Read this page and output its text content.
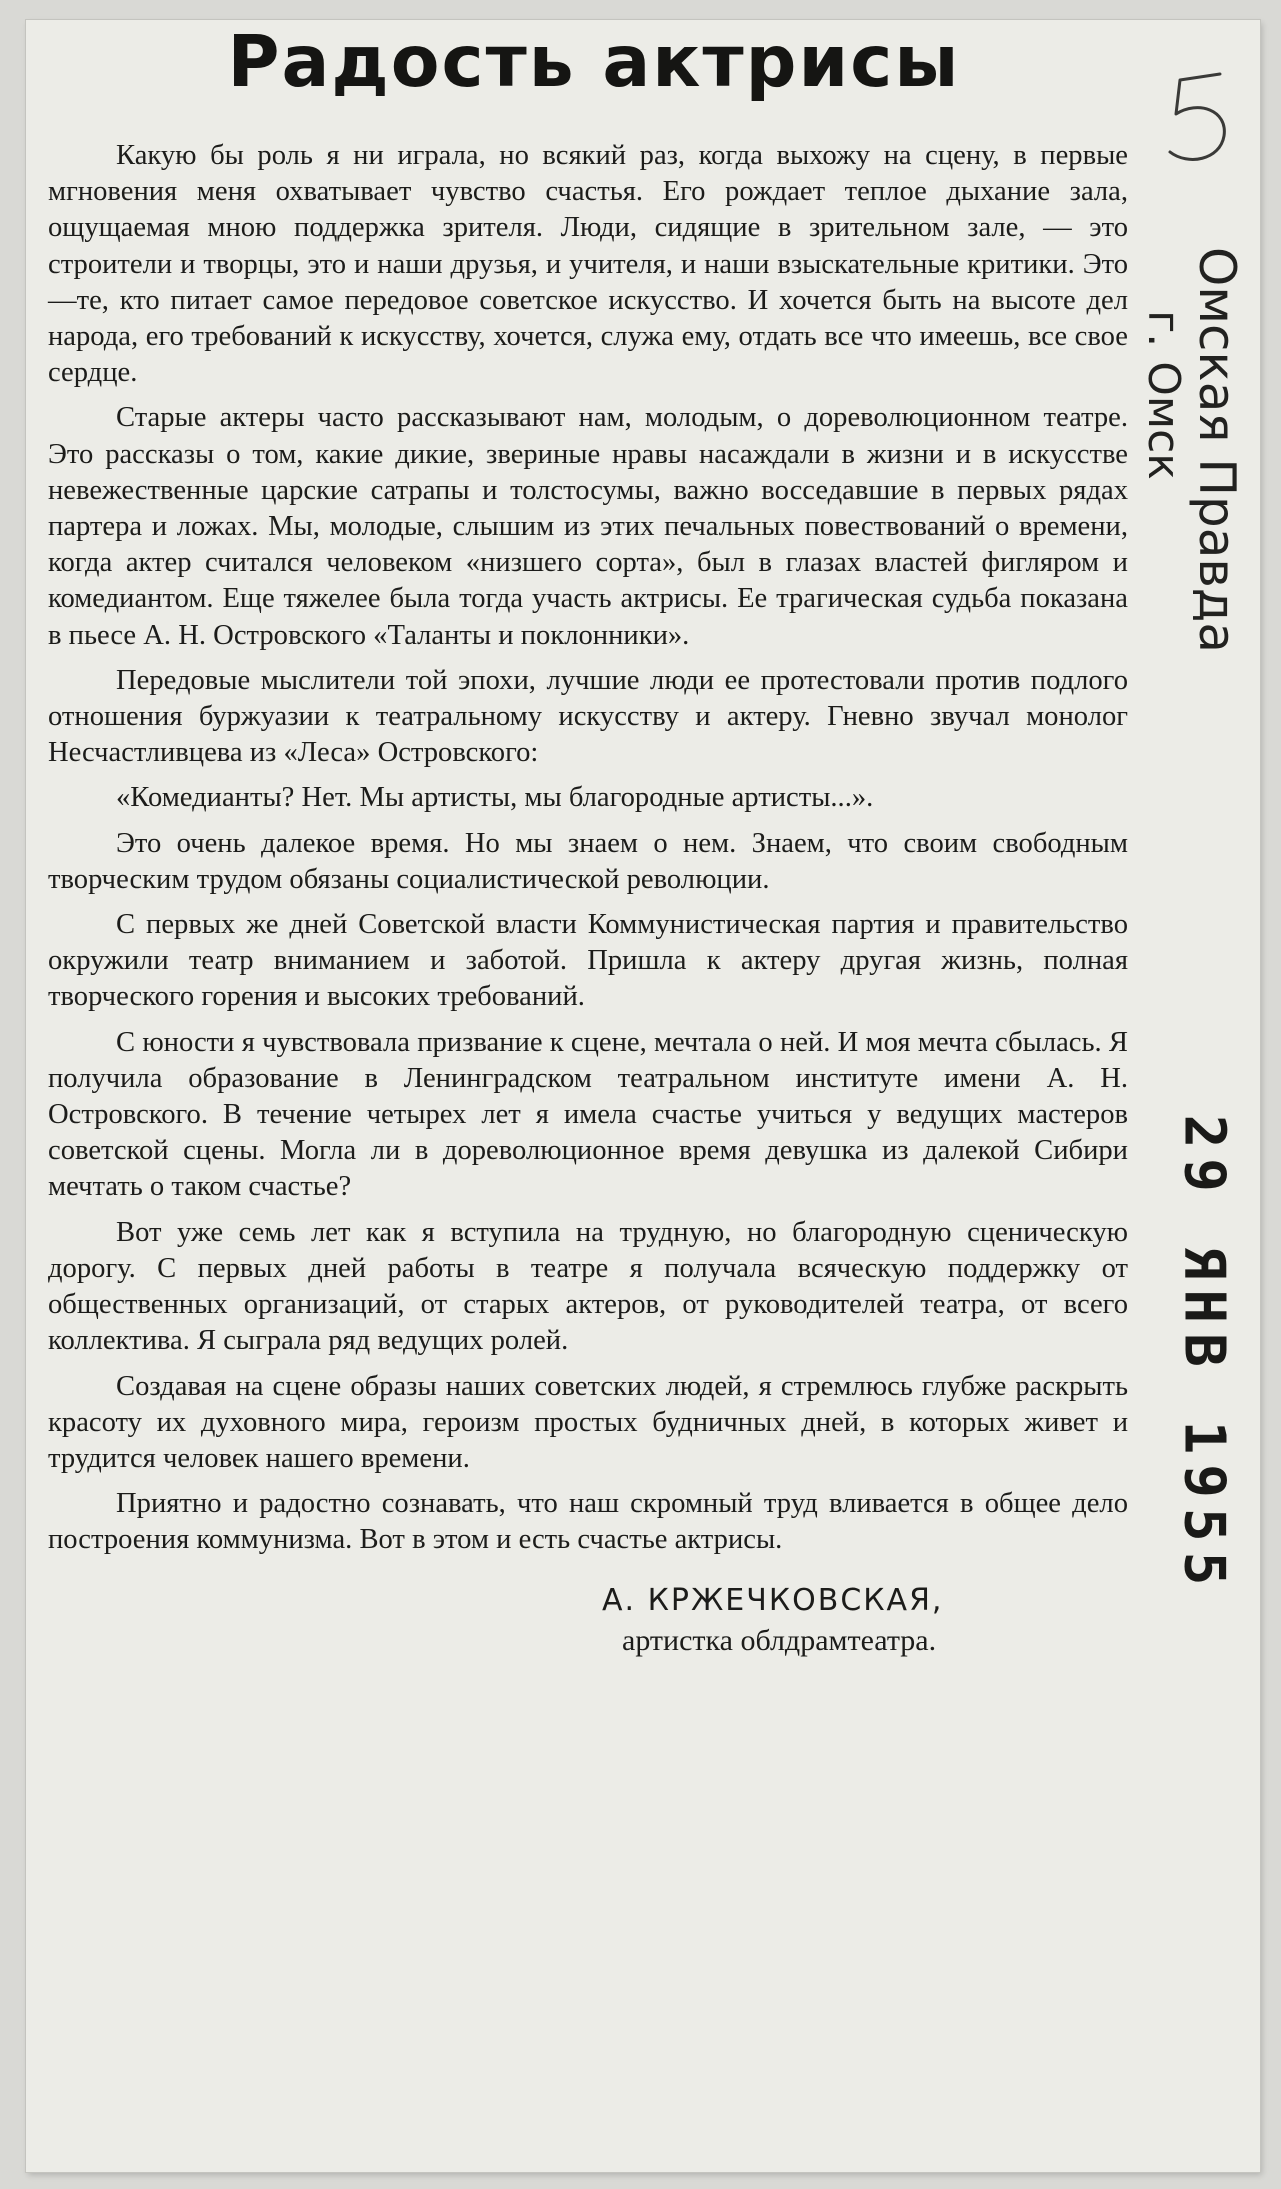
Радость актрисы

Какую бы роль я ни играла, но всякий раз, когда выхожу на сцену, в первые мгновения меня охватывает чувство счастья. Его рождает теплое дыхание зала, ощущаемая мною поддержка зрителя. Люди, сидящие в зрительном зале, — это строители и творцы, это и наши друзья, и учителя, и наши взыскательные критики. Это—те, кто питает самое передовое советское искусство. И хочется быть на высоте дел народа, его требований к искусству, хочется, служа ему, отдать все что имеешь, все свое сердце.

Старые актеры часто рассказывают нам, молодым, о дореволюционном театре. Это рассказы о том, какие дикие, звериные нравы насаждали в жизни и в искусстве невежественные царские сатрапы и толстосумы, важно восседавшие в первых рядах партера и ложах. Мы, молодые, слышим из этих печальных повествований о времени, когда актер считался человеком «низшего сорта», был в глазах властей фигляром и комедиантом. Еще тяжелее была тогда участь актрисы. Ее трагическая судьба показана в пьесе А. Н. Островского «Таланты и поклонники».

Передовые мыслители той эпохи, лучшие люди ее протестовали против подлого отношения буржуазии к театральному искусству и актеру. Гневно звучал монолог Несчастливцева из «Леса» Островского:

«Комедианты? Нет. Мы артисты, мы благородные артисты...».

Это очень далекое время. Но мы знаем о нем. Знаем, что своим свободным творческим трудом обязаны социалистической революции.

С первых же дней Советской власти Коммунистическая партия и правительство окружили театр вниманием и заботой. Пришла к актеру другая жизнь, полная творческого горения и высоких требований.

С юности я чувствовала призвание к сцене, мечтала о ней. И моя мечта сбылась. Я получила образование в Ленинградском театральном институте имени А. Н. Островского. В течение четырех лет я имела счастье учиться у ведущих мастеров советской сцены. Могла ли в дореволюционное время девушка из далекой Сибири мечтать о таком счастье?

Вот уже семь лет как я вступила на трудную, но благородную сценическую дорогу. С первых дней работы в театре я получала всяческую поддержку от общественных организаций, от старых актеров, от руководителей театра, от всего коллектива. Я сыграла ряд ведущих ролей.

Создавая на сцене образы наших советских людей, я стремлюсь глубже раскрыть красоту их духовного мира, героизм простых будничных дней, в которых живет и трудится человек нашего времени.

Приятно и радостно сознавать, что наш скромный труд вливается в общее дело построения коммунизма. Вот в этом и есть счастье актрисы.

А. КРЖЕЧКОВСКАЯ,
артистка облдрамтеатра.
Омская Правда
г. Омск
29 ЯНВ 1955
